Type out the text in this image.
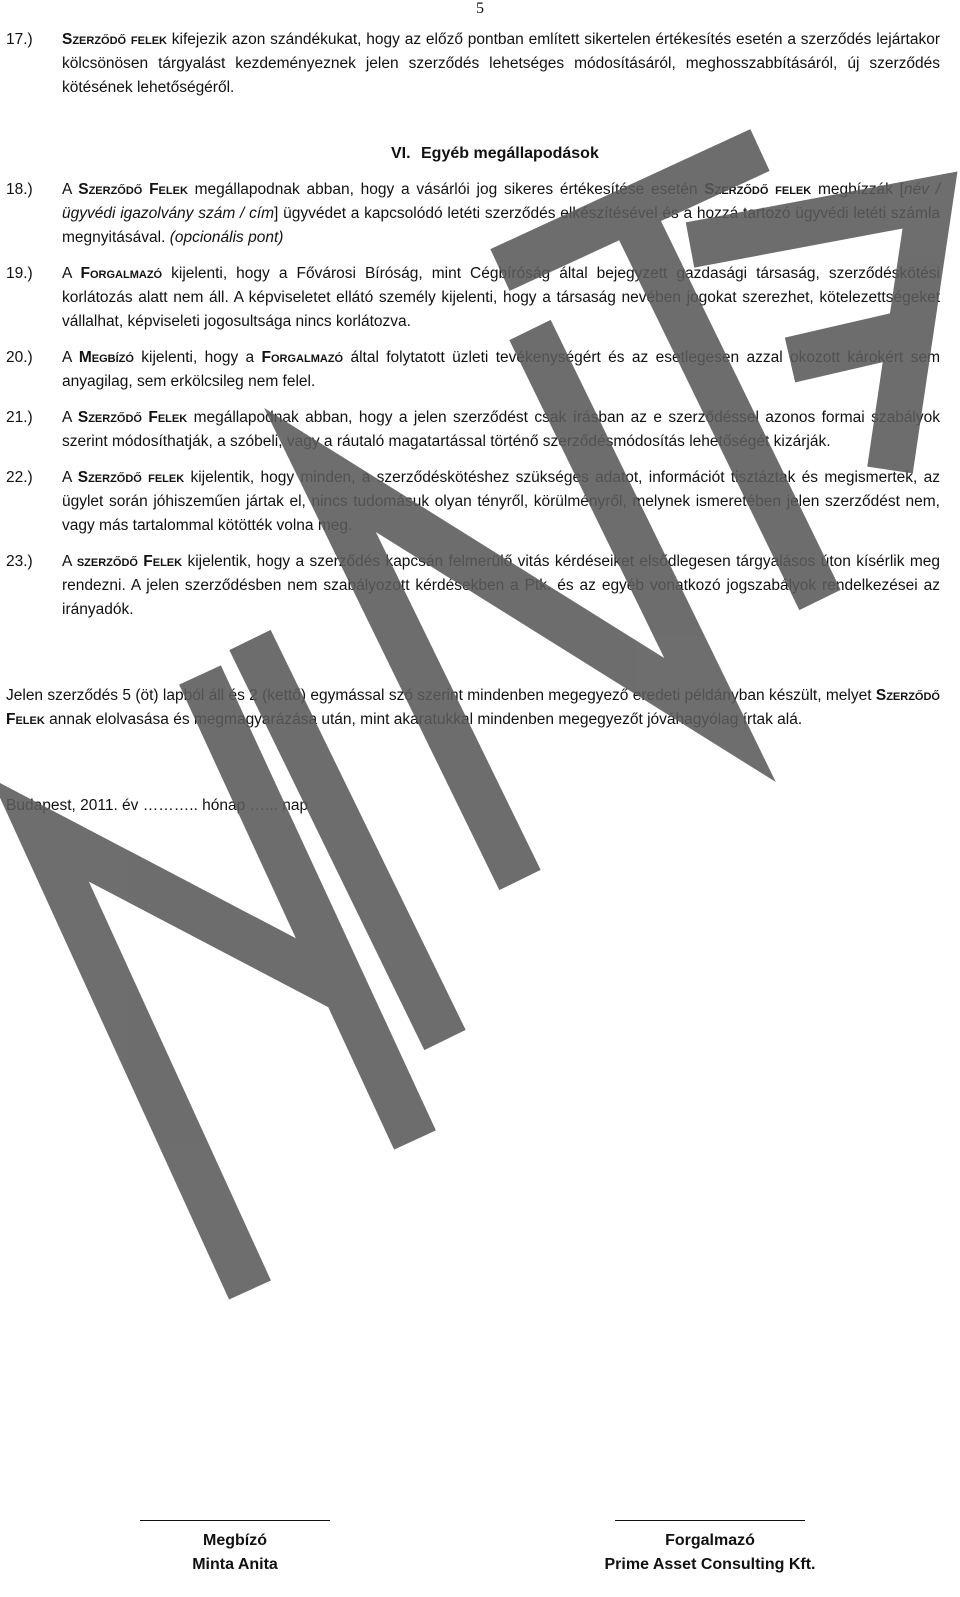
5
17.)	Szerződő felek kifejezik azon szándékukat, hogy az előző pontban említett sikertelen értékesítés esetén a szerződés lejártakor kölcsönösen tárgyalást kezdeményeznek jelen szerződés lehetséges módosításáról, meghosszabbításáról, új szerződés kötésének lehetőségéről.
VI. Egyéb megállapodások
18.)	A Szerződő Felek megállapodnak abban, hogy a vásárlói jog sikeres értékesítése esetén Szerződő felek megbízzák [név / ügyvédi igazolvány szám / cím] ügyvédet a kapcsolódó letéti szerződés elkészítésével és a hozzá tartozó ügyvédi letéti számla megnyitásával. (opcionális pont)
19.)	A Forgalmazó kijelenti, hogy a Fővárosi Bíróság, mint Cégbíróság által bejegyzett gazdasági társaság, szerződéskötési korlátozás alatt nem áll. A képviseletet ellátó személy kijelenti, hogy a társaság nevében jogokat szerezhet, kötelezettségeket vállalhat, képviseleti jogosultsága nincs korlátozva.
20.)	A Megbízó kijelenti, hogy a Forgalmazó által folytatott üzleti tevékenységért és az esetlegesen azzal okozott károkért sem anyagilag, sem erkölcsileg nem felel.
21.)	A Szerződő Felek megállapodnak abban, hogy a jelen szerződést csak írásban az e szerződéssel azonos formai szabályok szerint módosíthatják, a szóbeli, vagy a ráutaló magatartással történő szerződésmódosítás lehetőségét kizárják.
22.)	A Szerződő felek kijelentik, hogy minden, a szerződéskötéshez szükséges adatot, információt tisztáztak és megismertek, az ügylet során jóhiszeműen jártak el, nincs tudomásuk olyan tényről, körülményről, melynek ismeretében jelen szerződést nem, vagy más tartalommal kötötték volna meg.
23.)	A szerződő Felek kijelentik, hogy a szerződés kapcsán felmerülő vitás kérdéseiket elsődlegesen tárgyalásos úton kísérlik meg rendezni. A jelen szerződésben nem szabályozott kérdésekben a Ptk. és az egyéb vonatkozó jogszabályok rendelkezései az irányadók.
Jelen szerződés 5 (öt) lapból áll és 2 (kettő) egymással szó szerint mindenben megegyező eredeti példányban készült, melyet Szerződő Felek annak elolvasása és megmagyarázása után, mint akaratukkal mindenben megegyezőt jóváhagyólag írtak alá.
Budapest, 2011. év ……….. hónap …... nap
Megbízó
Minta Anita
Forgalmazó
Prime Asset Consulting Kft.
